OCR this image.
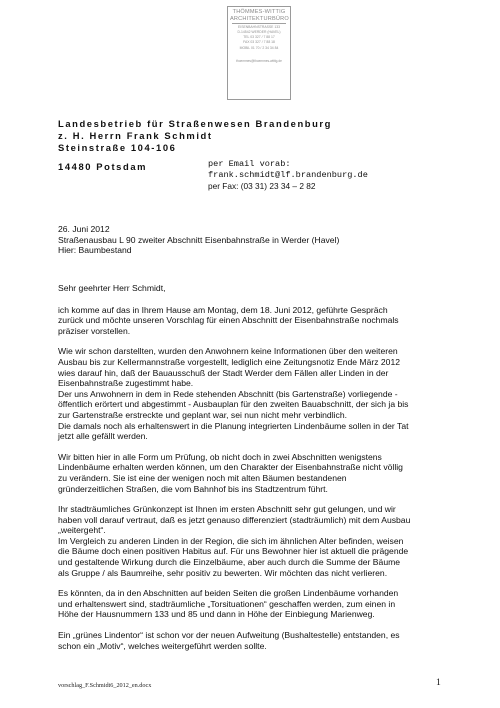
THÖMMES-WITTIG
ARCHITEKTURBÜRO
EISENBAHNSTRASSE 133
D-14542 WERDER (HAVEL)
TEL 03 327 / 7 88 17
FAX 03 327 / 7 88 18
MOBIL 01 70 / 2 34 34 84
thoemmes@thoemmes-wittig.de
Landesbetrieb für Straßenwesen Brandenburg
z. H. Herrn Frank Schmidt
Steinstraße 104-106
14480 Potsdam	per Email vorab:
frank.schmidt@lf.brandenburg.de
per Fax: (03 31) 23 34 – 2 82
26. Juni 2012
Straßenausbau L 90 zweiter Abschnitt Eisenbahnstraße in Werder (Havel)
Hier: Baumbestand

Sehr geehrter Herr Schmidt,

ich komme auf das in Ihrem Hause am Montag, dem 18. Juni 2012, geführte Gespräch

zurück und möchte unseren Vorschlag für einen Abschnitt der Eisenbahnstraße nochmals

präziser vorstellen.

Wie wir schon darstellten, wurden den Anwohnern keine Informationen über den weiteren

Ausbau bis zur Kellermannstraße vorgestellt, lediglich eine Zeitungsnotiz Ende März 2012

wies darauf hin, daß der Bauausschuß der Stadt Werder dem Fällen aller Linden in der

Eisenbahnstraße zugestimmt habe.

Der uns Anwohnern in dem in Rede stehenden Abschnitt (bis Gartenstraße) vorliegende -

öffentlich erörtert und abgestimmt - Ausbauplan für den zweiten Bauabschnitt, der sich ja bis

zur Gartenstraße erstreckte und geplant war, sei nun nicht mehr verbindlich.

Die damals noch als erhaltenswert in die Planung integrierten Lindenbäume sollen in der Tat

jetzt alle gefällt werden.

Wir bitten hier in alle Form um Prüfung, ob nicht doch in zwei Abschnitten wenigstens

Lindenbäume erhalten werden können, um den Charakter der Eisenbahnstraße nicht völlig

zu verändern. Sie ist eine der wenigen noch mit alten Bäumen bestandenen

gründerzeitlichen Straßen, die vom Bahnhof bis ins Stadtzentrum führt.

Ihr stadträumliches Grünkonzept ist Ihnen im ersten Abschnitt sehr gut gelungen, und wir

haben voll darauf vertraut, daß es jetzt genauso differenziert (stadträumlich) mit dem Ausbau

„weitergeht“.

Im Vergleich zu anderen Linden in der Region, die sich im ähnlichen Alter befinden, weisen

die Bäume doch einen positiven Habitus auf. Für uns Bewohner hier ist aktuell die prägende

und gestaltende Wirkung durch die Einzelbäume, aber auch durch die Summe der Bäume

als Gruppe / als Baumreihe, sehr positiv zu bewerten. Wir möchten das nicht verlieren.

Es könnten, da in den Abschnitten auf beiden Seiten die großen Lindenbäume vorhanden

und erhaltenswert sind, stadträumliche „Torsituationen“ geschaffen werden, zum einen in

Höhe der Hausnummern 133 und 85 und dann in Höhe der Einbiegung Marienweg.

Ein „grünes Lindentor“ ist schon vor der neuen Aufweitung (Bushaltestelle) entstanden, es

schon ein „Motiv“, welches weitergeführt werden sollte.

vorschlag_F.Schmidt6_2012_en.docx	1
